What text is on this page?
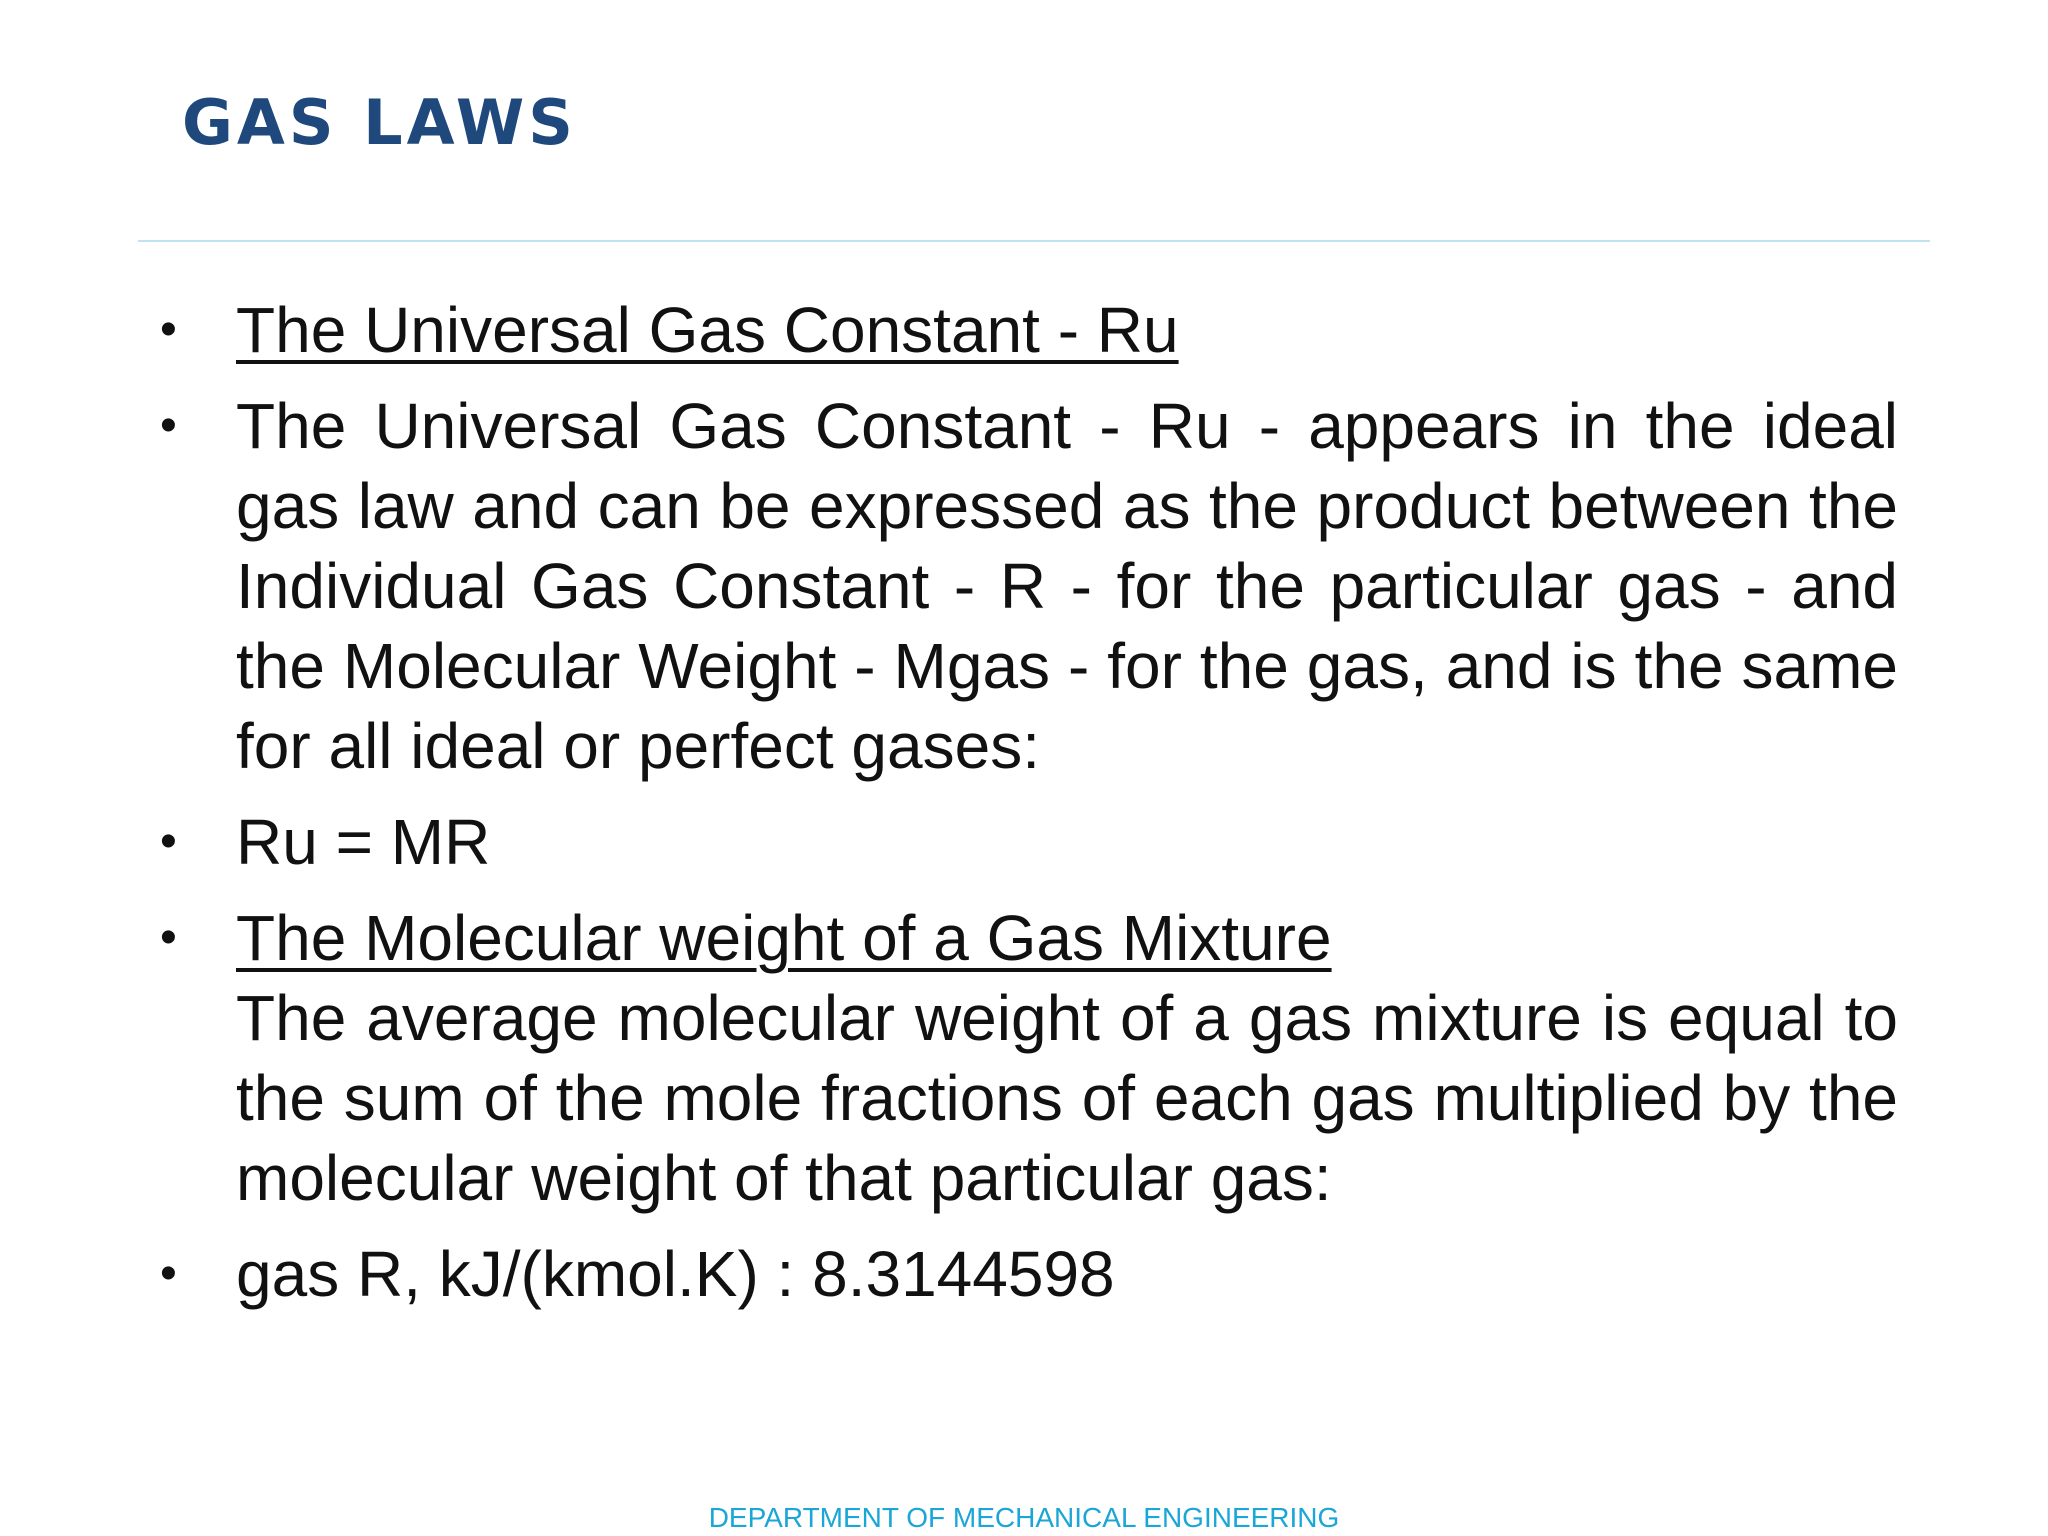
GAS LAWS
• The Universal Gas Constant - Ru
• The Universal Gas Constant - Ru - appears in the ideal gas law and can be expressed as the product between the Individual Gas Constant - R - for the particular gas - and the Molecular Weight - Mgas - for the gas, and is the same for all ideal or perfect gases:
• Ru = MR
• The Molecular weight of a Gas Mixture
The average molecular weight of a gas mixture is equal to the sum of the mole fractions of each gas multiplied by the molecular weight of that particular gas:
• gas R, kJ/(kmol.K) : 8.3144598
DEPARTMENT OF MECHANICAL ENGINEERING
